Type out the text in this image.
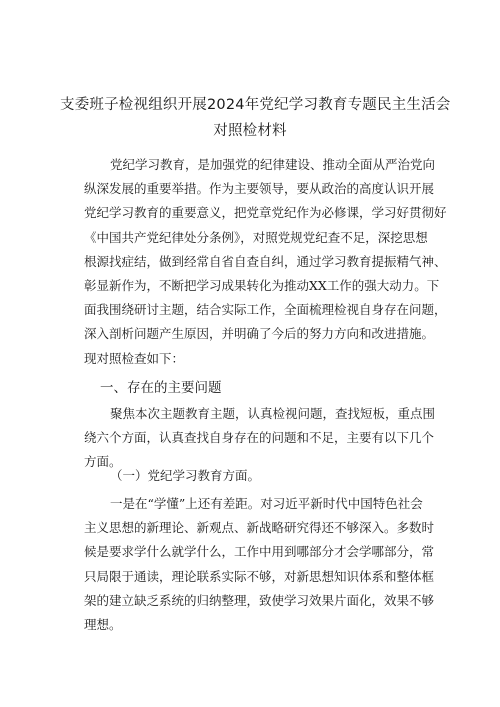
支委班子检视组织开展2024年党纪学习教育专题民主生活会
对照检材料
党纪学习教育，是加强党的纪律建设、推动全面从严治党向
纵深发展的重要举措。作为主要领导，要从政治的高度认识开展
党纪学习教育的重要意义，把党章党纪作为必修课，学习好贯彻好
《中国共产党纪律处分条例》，对照党规党纪查不足，深挖思想
根源找症结，做到经常自省自查自纠，通过学习教育提振精气神、
彰显新作为，不断把学习成果转化为推动XX工作的强大动力。下
面我围绕研讨主题，结合实际工作，全面梳理检视自身存在问题，
深入剖析问题产生原因，并明确了今后的努力方向和改进措施。
现对照检查如下：
一、存在的主要问题
聚焦本次主题教育主题，认真检视问题，查找短板，重点围
绕六个方面，认真查找自身存在的问题和不足，主要有以下几个
方面。
（一）党纪学习教育方面。
一是在“学懂”上还有差距。对习近平新时代中国特色社会
主义思想的新理论、新观点、新战略研究得还不够深入。多数时
候是要求学什么就学什么，工作中用到哪部分才会学哪部分，常
只局限于通读，理论联系实际不够，对新思想知识体系和整体框
架的建立缺乏系统的归纳整理，致使学习效果片面化，效果不够
理想。
